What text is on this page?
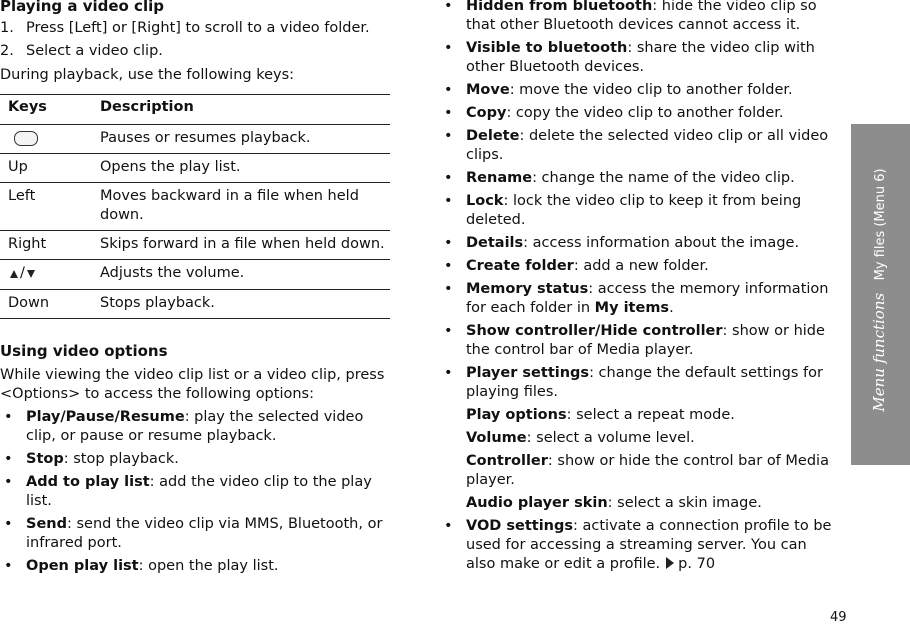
Playing a video clip
1. Press [Left] or [Right] to scroll to a video folder.
2. Select a video clip.

During playback, use the following keys:

Keys	Description
	Pauses or resumes playback.
Up	Opens the play list.
Left	Moves backward in a file when held down.
Right	Skips forward in a file when held down.

/	Adjusts the volume.
Down	Stops playback.
Using video options

While viewing the video clip list or a video clip, press <Options> to access the following options:

• Play/Pause/Resume: play the selected video clip, or pause or resume playback.
• Stop: stop playback.
• Add to play list: add the video clip to the play list.
• Send: send the video clip via MMS, Bluetooth, or infrared port.
• Open play list: open the play list.
• Hidden from bluetooth: hide the video clip so that other Bluetooth devices cannot access it.
• Visible to bluetooth: share the video clip with other Bluetooth devices.
• Move: move the video clip to another folder.
• Copy: copy the video clip to another folder.
• Delete: delete the selected video clip or all video clips.
• Rename: change the name of the video clip.
• Lock: lock the video clip to keep it from being deleted.
• Details: access information about the image.
• Create folder: add a new folder.
• Memory status: access the memory information for each folder in My items.
• Show controller/Hide controller: show or hide the control bar of Media player.
• Player settings: change the default settings for playing files.
Play options: select a repeat mode.
Volume: select a volume level.
Controller: show or hide the control bar of Media player.
Audio player skin: select a skin image.
• VOD settings: activate a connection profile to be used for accessing a streaming server. You can also make or edit a profile. p. 70
Menu functions   My files (Menu 6)
49
